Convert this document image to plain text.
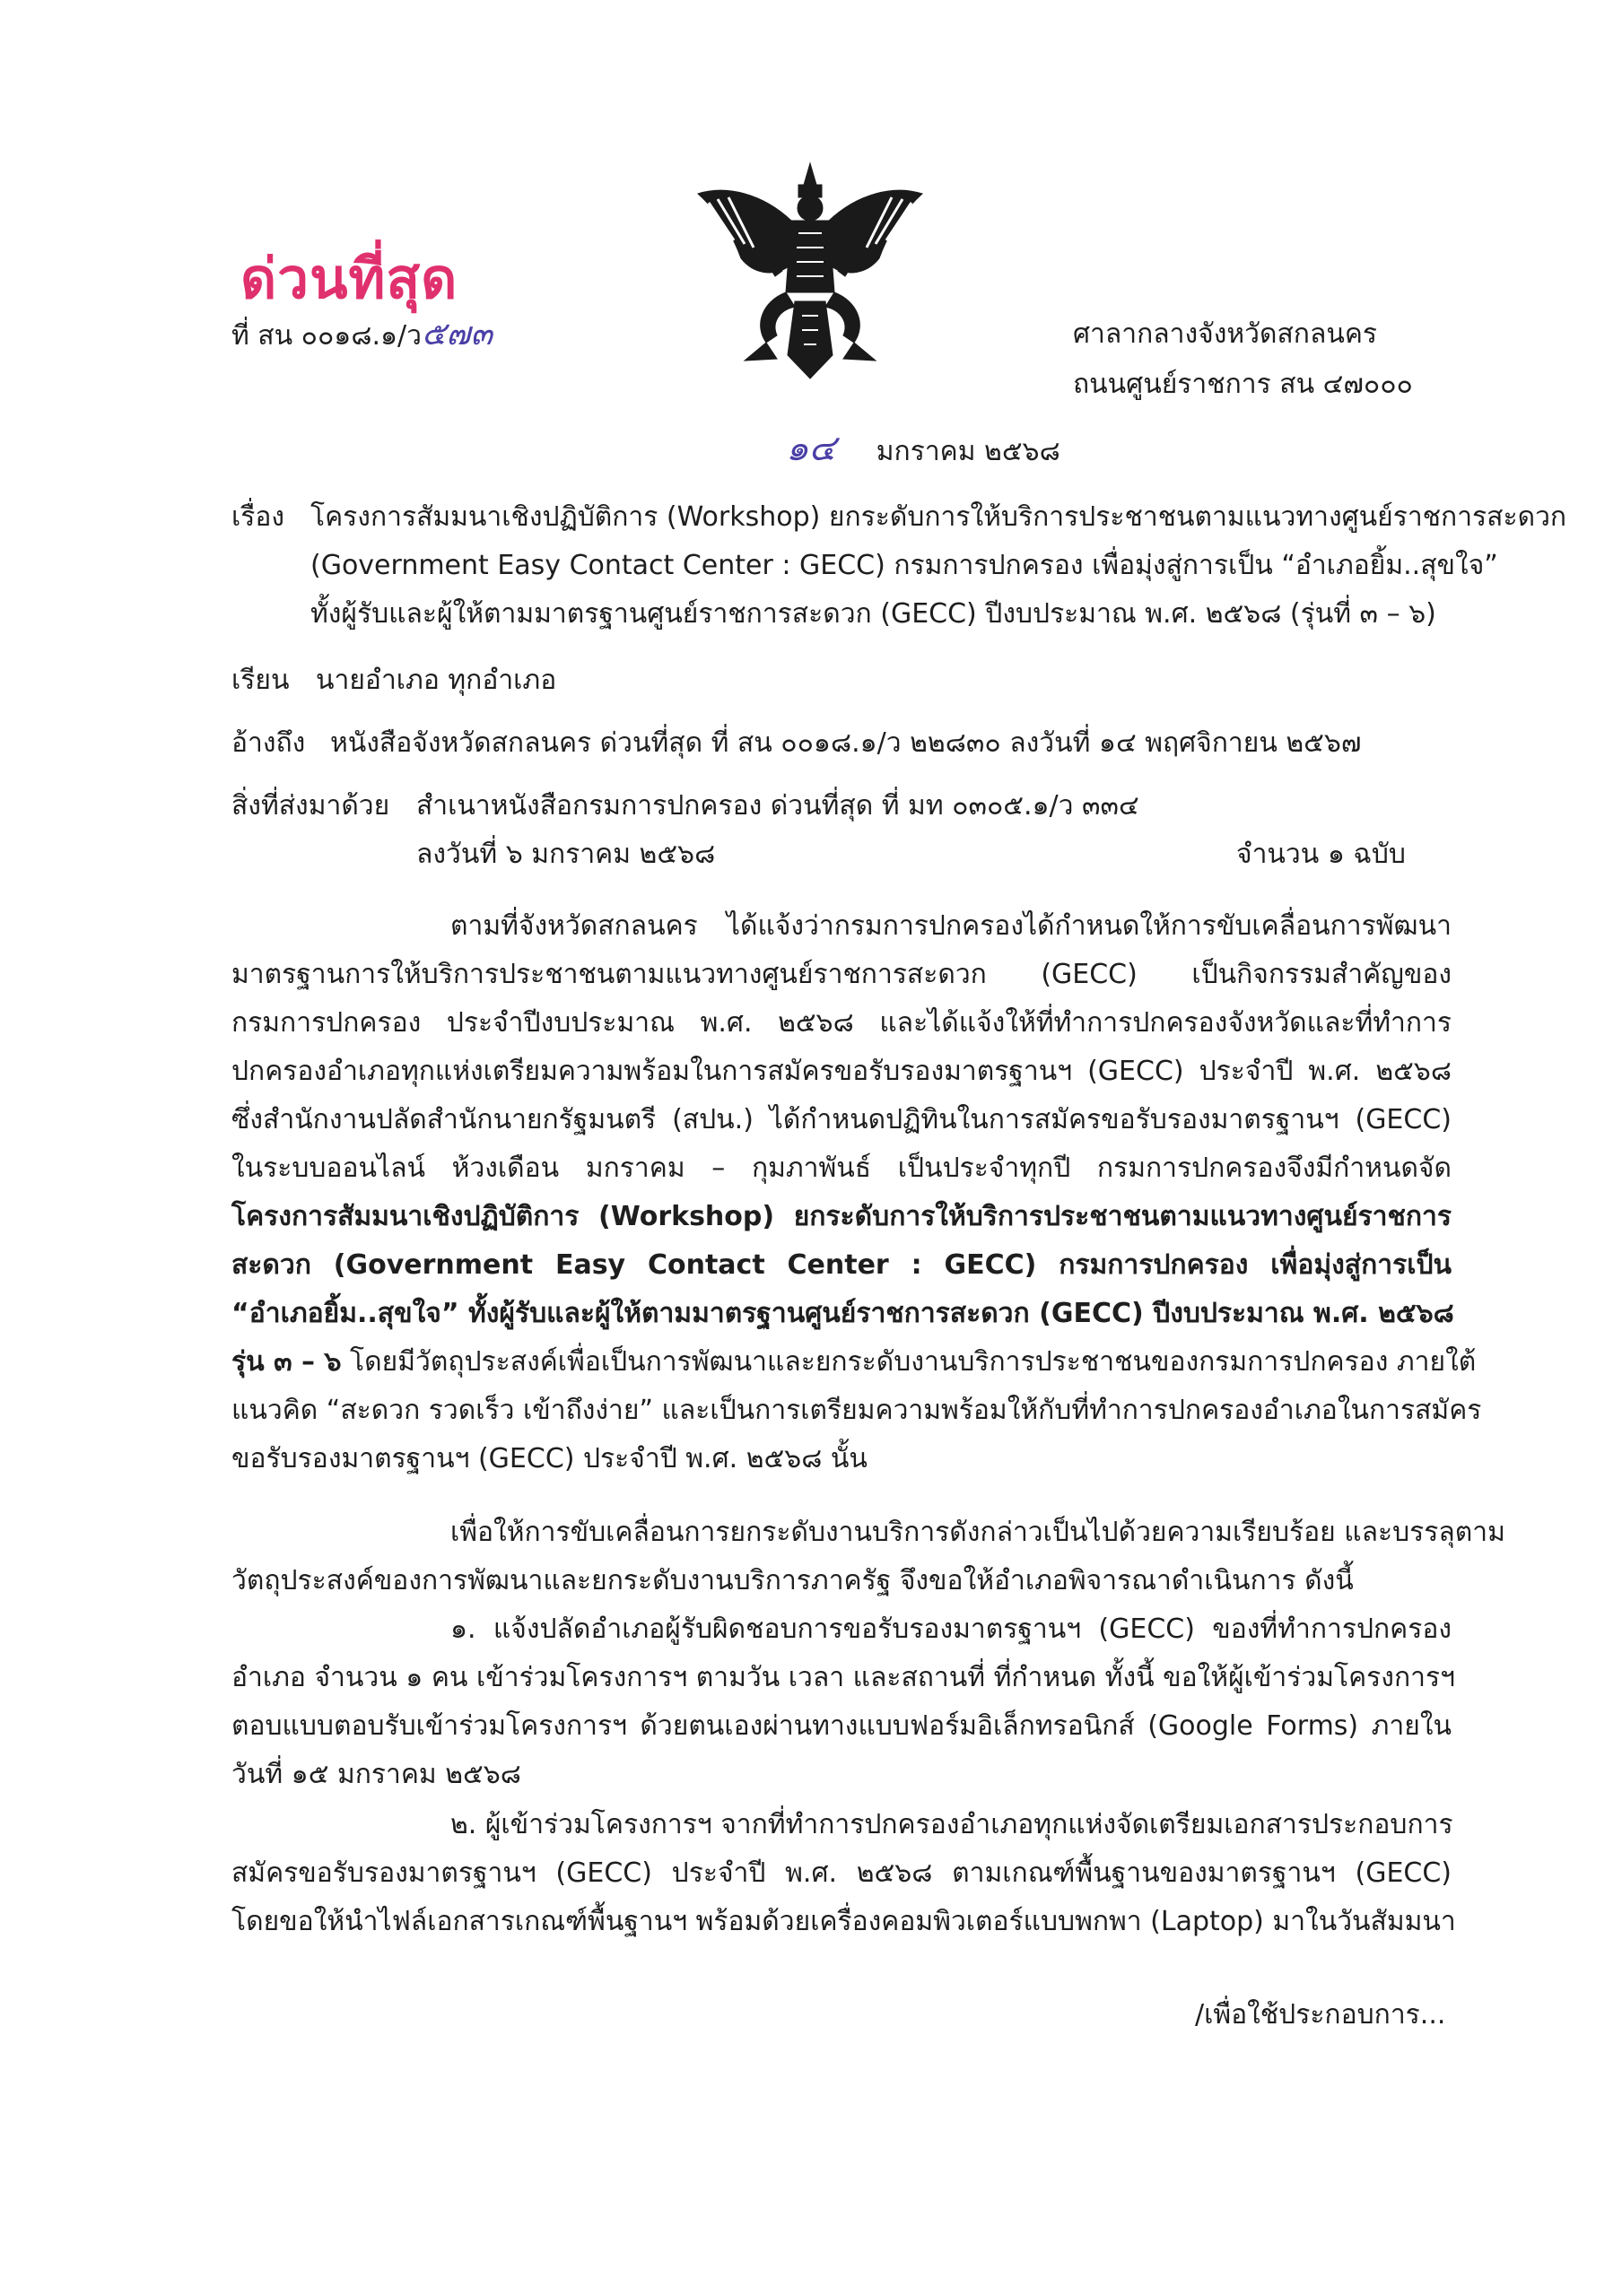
ด่วนที่สุด
ที่ สน ๐๐๑๘.๑/ว๕๗๓	ศาลากลางจังหวัดสกลนคร
ถนนศูนย์ราชการ สน ๔๗๐๐๐
๑๔ มกราคม ๒๕๖๘
เรื่อง โครงการสัมมนาเชิงปฏิบัติการ (Workshop) ยกระดับการให้บริการประชาชนตามแนวทางศูนย์ราชการสะดวก
(Government Easy Contact Center : GECC) กรมการปกครอง เพื่อมุ่งสู่การเป็น “อำเภอยิ้ม..สุขใจ”
ทั้งผู้รับและผู้ให้ตามมาตรฐานศูนย์ราชการสะดวก (GECC) ปีงบประมาณ พ.ศ. ๒๕๖๘ (รุ่นที่ ๓ – ๖)
เรียน นายอำเภอ ทุกอำเภอ
อ้างถึง หนังสือจังหวัดสกลนคร ด่วนที่สุด ที่ สน ๐๐๑๘.๑/ว ๒๒๘๓๐ ลงวันที่ ๑๔ พฤศจิกายน ๒๕๖๗
สิ่งที่ส่งมาด้วย สำเนาหนังสือกรมการปกครอง ด่วนที่สุด ที่ มท ๐๓๐๕.๑/ว ๓๓๔
ลงวันที่ ๖ มกราคม ๒๕๖๘	จำนวน ๑ ฉบับ
ตามที่จังหวัดสกลนคร ได้แจ้งว่ากรมการปกครองได้กำหนดให้การขับเคลื่อนการพัฒนา
มาตรฐานการให้บริการประชาชนตามแนวทางศูนย์ราชการสะดวก (GECC) เป็นกิจกรรมสำคัญของ
กรมการปกครอง ประจำปีงบประมาณ พ.ศ. ๒๕๖๘ และได้แจ้งให้ที่ทำการปกครองจังหวัดและที่ทำการ
ปกครองอำเภอทุกแห่งเตรียมความพร้อมในการสมัครขอรับรองมาตรฐานฯ (GECC) ประจำปี พ.ศ. ๒๕๖๘
ซึ่งสำนักงานปลัดสำนักนายกรัฐมนตรี (สปน.) ได้กำหนดปฏิทินในการสมัครขอรับรองมาตรฐานฯ (GECC)
ในระบบออนไลน์ ห้วงเดือน มกราคม – กุมภาพันธ์ เป็นประจำทุกปี กรมการปกครองจึงมีกำหนดจัด
โครงการสัมมนาเชิงปฏิบัติการ (Workshop) ยกระดับการให้บริการประชาชนตามแนวทางศูนย์ราชการ
สะดวก (Government Easy Contact Center : GECC) กรมการปกครอง เพื่อมุ่งสู่การเป็น
“อำเภอยิ้ม..สุขใจ” ทั้งผู้รับและผู้ให้ตามมาตรฐานศูนย์ราชการสะดวก (GECC) ปีงบประมาณ พ.ศ. ๒๕๖๘
รุ่น ๓ – ๖ โดยมีวัตถุประสงค์เพื่อเป็นการพัฒนาและยกระดับงานบริการประชาชนของกรมการปกครอง ภายใต้
แนวคิด “สะดวก รวดเร็ว เข้าถึงง่าย” และเป็นการเตรียมความพร้อมให้กับที่ทำการปกครองอำเภอในการสมัคร
ขอรับรองมาตรฐานฯ (GECC) ประจำปี พ.ศ. ๒๕๖๘ นั้น
เพื่อให้การขับเคลื่อนการยกระดับงานบริการดังกล่าวเป็นไปด้วยความเรียบร้อย และบรรลุตาม
วัตถุประสงค์ของการพัฒนาและยกระดับงานบริการภาครัฐ จึงขอให้อำเภอพิจารณาดำเนินการ ดังนี้
๑. แจ้งปลัดอำเภอผู้รับผิดชอบการขอรับรองมาตรฐานฯ (GECC) ของที่ทำการปกครอง
อำเภอ จำนวน ๑ คน เข้าร่วมโครงการฯ ตามวัน เวลา และสถานที่ ที่กำหนด ทั้งนี้ ขอให้ผู้เข้าร่วมโครงการฯ
ตอบแบบตอบรับเข้าร่วมโครงการฯ ด้วยตนเองผ่านทางแบบฟอร์มอิเล็กทรอนิกส์ (Google Forms) ภายใน
วันที่ ๑๕ มกราคม ๒๕๖๘
๒. ผู้เข้าร่วมโครงการฯ จากที่ทำการปกครองอำเภอทุกแห่งจัดเตรียมเอกสารประกอบการ
สมัครขอรับรองมาตรฐานฯ (GECC) ประจำปี พ.ศ. ๒๕๖๘ ตามเกณฑ์พื้นฐานของมาตรฐานฯ (GECC)
โดยขอให้นำไฟล์เอกสารเกณฑ์พื้นฐานฯ พร้อมด้วยเครื่องคอมพิวเตอร์แบบพกพา (Laptop) มาในวันสัมมนา
/เพื่อใช้ประกอบการ...
